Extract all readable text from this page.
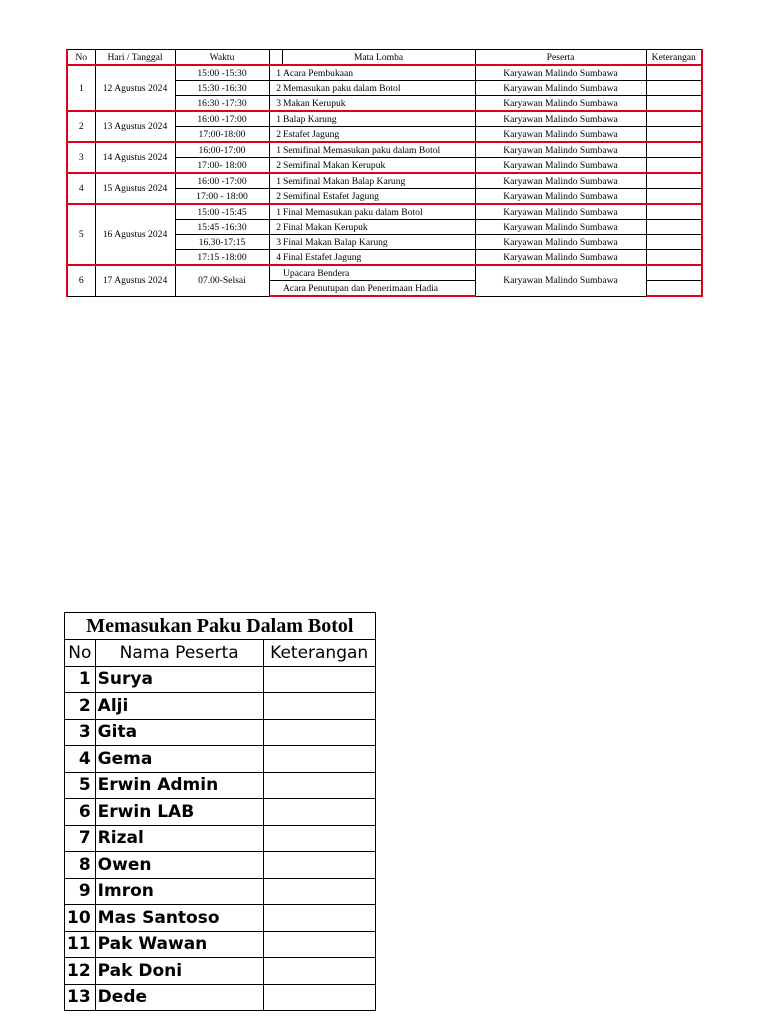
No	Hari / Tanggal	Waktu		Mata Lomba	Peserta	Keterangan
1	12 Agustus 2024	15:00 -15:30	1	Acara Pembukaan	Karyawan Malindo Sumbawa	
		15:30 -16:30	2	Memasukan paku dalam Botol	Karyawan Malindo Sumbawa	
		16:30 -17:30	3	Makan Kerupuk	Karyawan Malindo Sumbawa	
2	13 Agustus 2024	16:00 -17:00	1	Balap Karung	Karyawan Malindo Sumbawa	
		17:00-18:00	2	Estafet Jagung	Karyawan Malindo Sumbawa	
3	14 Agustus 2024	16:00-17:00	1	Semifinal Memasukan paku dalam Botol	Karyawan Malindo Sumbawa	
		17:00- 18:00	2	Semifinal Makan Kerupuk	Karyawan Malindo Sumbawa	
4	15 Agustus 2024	16:00 -17:00	1	Semifinal Makan Balap Karung	Karyawan Malindo Sumbawa	
		17:00 - 18:00	2	Semifinal Estafet Jagung	Karyawan Malindo Sumbawa	
5	16 Agustus 2024	15:00 -15:45	1	Final Memasukan paku dalam Botol	Karyawan Malindo Sumbawa	
		15:45 -16:30	2	Final Makan Kerupuk	Karyawan Malindo Sumbawa	
		16.30-17:15	3	Final Makan Balap Karung	Karyawan Malindo Sumbawa	
		17:15 -18:00	4	Final Estafet Jagung	Karyawan Malindo Sumbawa	
6	17 Agustus 2024	07.00-Selsai		Upacara Bendera	Karyawan Malindo Sumbawa	
				Acara Penutupan dan Penerimaan Hadia		
Memasukan Paku Dalam Botol		
No	Nama Peserta	Keterangan
1	Surya	
2	Alji	
3	Gita	
4	Gema	
5	Erwin Admin	
6	Erwin LAB	
7	Rizal	
8	Owen	
9	Imron	
10	Mas Santoso	
11	Pak Wawan	
12	Pak Doni	
13	Dede	
